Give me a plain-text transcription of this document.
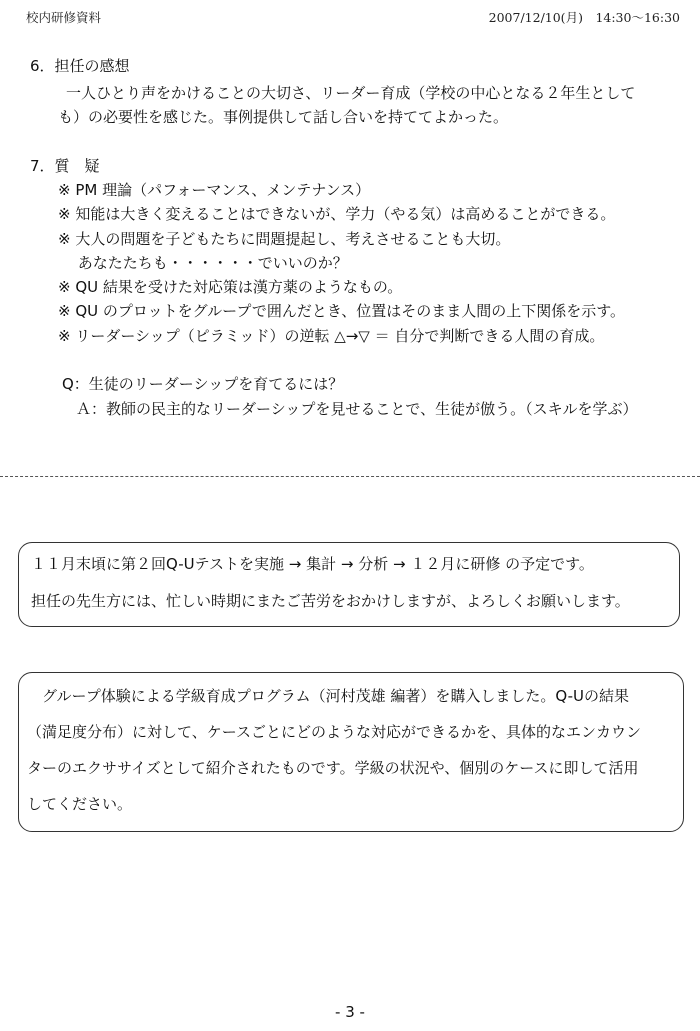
校内研修資料	2007/12/10(月)　14:30〜16:30
6．担任の感想
一人ひとり声をかけることの大切さ、リーダー育成（学校の中心となる２年生として
も）の必要性を感じた。事例提供して話し合いを持ててよかった。
7．質　疑
※ PM 理論（パフォーマンス、メンテナンス）
※ 知能は大きく変えることはできないが、学力（やる気）は高めることができる。
※ 大人の問題を子どもたちに問題提起し、考えさせることも大切。
　 あなたたちも・・・・・・でいいのか？
※ QU 結果を受けた対応策は漢方薬のようなもの。
※ QU のプロットをグループで囲んだとき、位置はそのまま人間の上下関係を示す。
※ リーダーシップ（ピラミッド）の逆転 △→▽ ＝ 自分で判断できる人間の育成。
Q：生徒のリーダーシップを育てるには？
Ａ：教師の民主的なリーダーシップを見せることで、生徒が倣う。（スキルを学ぶ）
１１月末頃に第２回Q-Uテストを実施 → 集計 → 分析 → １２月に研修 の予定です。
担任の先生方には、忙しい時期にまたご苦労をおかけしますが、よろしくお願いします。
　グループ体験による学級育成プログラム（河村茂雄 編著）を購入しました。Q-Uの結果
（満足度分布）に対して、ケースごとにどのような対応ができるかを、具体的なエンカウン
ターのエクササイズとして紹介されたものです。学級の状況や、個別のケースに即して活用
してください。
- 3 -
